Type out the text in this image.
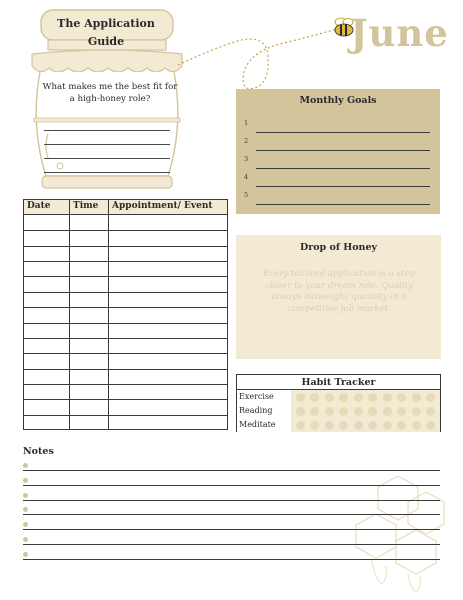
The Application Guide
What makes me the best fit for a high-honey role?
June
Monthly Goals
1
2
3
4
5
Date Time Appointment/ Event
Drop of Honey
Every tailored application is a step closer to your dream role. Quality always outweighs quantity in a competitive job market.
Habit Tracker
Exercise
Reading
Meditate
Notes
